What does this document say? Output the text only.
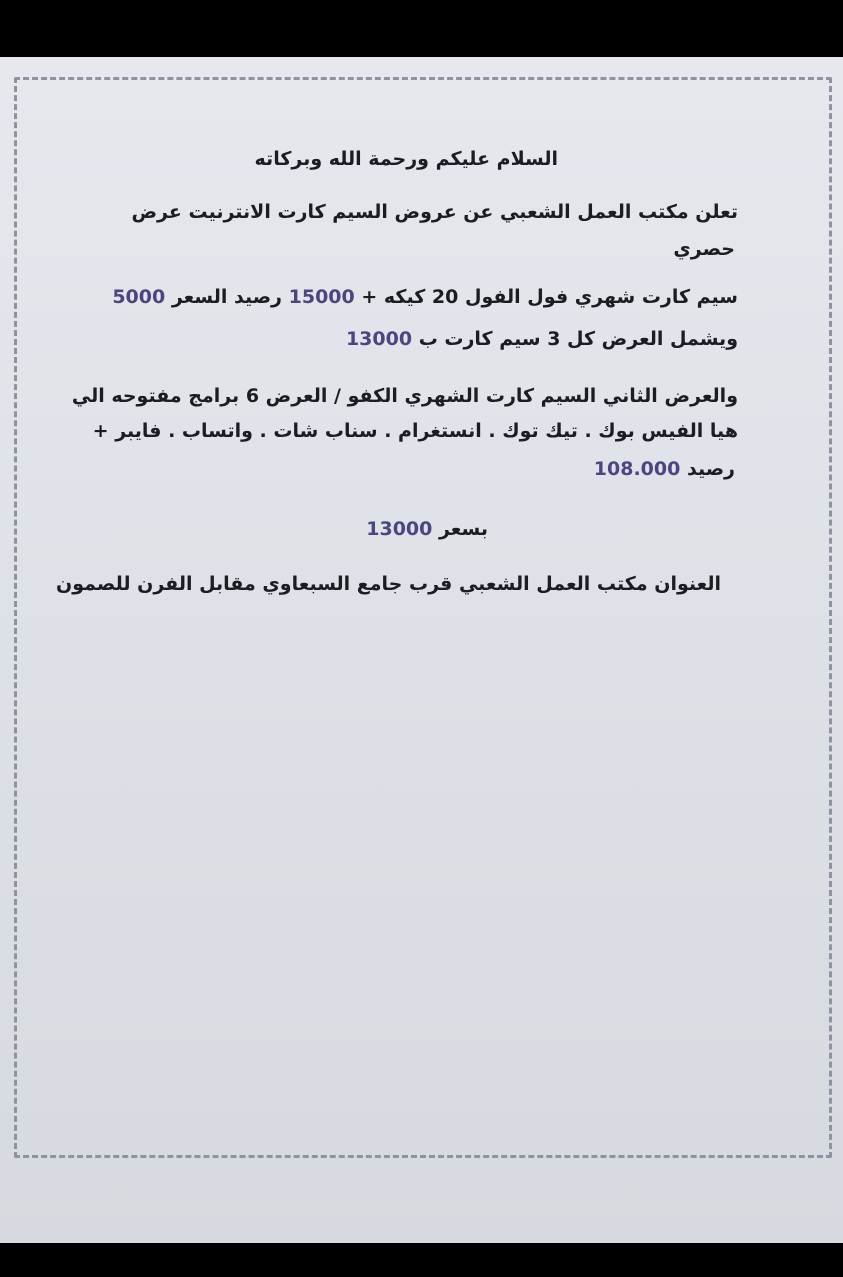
السلام عليكم ورحمة الله وبركاته
تعلن مكتب العمل الشعبي عن عروض السيم كارت الانترنيت عرض
حصري
سيم كارت شهري فول الفول 20 كيكه + 15000 رصيد السعر 5000
ويشمل العرض كل 3 سيم كارت ب 13000
والعرض الثاني السيم كارت الشهري الكفو / العرض 6 برامج مفتوحه الي
هيا الفيس بوك . تيك توك . انستغرام . سناب شات . واتساب . فايبر +
رصيد 108.000
بسعر 13000
العنوان مكتب العمل الشعبي قرب جامع السبعاوي مقابل الفرن للصمون
